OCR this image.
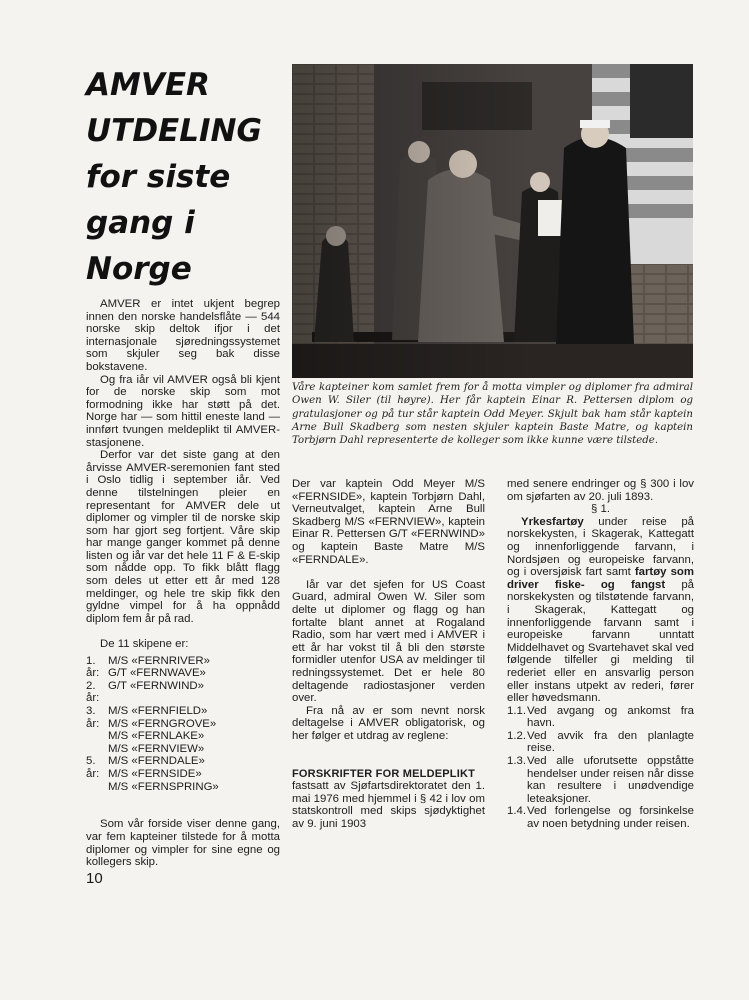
AMVER
UTDELING
for siste
gang i
Norge
Våre kapteiner kom samlet frem for å motta vimpler og diplomer fra admiral Owen W. Siler (til høyre). Her får kaptein Einar R. Pettersen diplom og gratulasjoner og på tur står kaptein Odd Meyer. Skjult bak ham står kaptein Arne Bull Skadberg som nesten skjuler kaptein Baste Matre, og kaptein Torbjørn Dahl representerte de kolleger som ikke kunne være tilstede.

AMVER er intet ukjent begrep innen den norske handelsflåte — 544 norske skip deltok ifjor i det internasjonale sjøredningssystemet som skjuler seg bak disse bokstavene.

Og fra iår vil AMVER også bli kjent for de norske skip som mot formodning ikke har støtt på det. Norge har — som hittil eneste land — innført tvungen meldeplikt til AMVER-stasjonene.

Derfor var det siste gang at den årvisse AMVER-seremonien fant sted i Oslo tidlig i september iår. Ved denne tilstelningen pleier en representant for AMVER dele ut diplomer og vimpler til de norske skip som har gjort seg fortjent. Våre skip har mange ganger kommet på denne listen og iår var det hele 11 F & E-skip som nådde opp. To fikk blått flagg som deles ut etter ett år med 128 meldinger, og hele tre skip fikk den gyldne vimpel for å ha oppnådd diplom fem år på rad.

De 11 skipene er:

1. år:
M/S «FERNRIVER»
G/T «FERNWAVE»
2. år:
G/T «FERNWIND»
3. år:
M/S «FERNFIELD»
M/S «FERNGROVE»
M/S «FERNLAKE»
M/S «FERNVIEW»
5. år:
M/S «FERNDALE»
M/S «FERNSIDE»
M/S «FERNSPRING»

Som vår forside viser denne gang, var fem kapteiner tilstede for å motta diplomer og vimpler for sine egne og kollegers skip.

Der var kaptein Odd Meyer M/S «FERNSIDE», kaptein Torbjørn Dahl, Verneutvalget, kaptein Arne Bull Skadberg M/S «FERNVIEW», kaptein Einar R. Pettersen G/T «FERNWIND» og kaptein Baste Matre M/S «FERNDALE».

Iår var det sjefen for US Coast Guard, admiral Owen W. Siler som delte ut diplomer og flagg og han fortalte blant annet at Rogaland Radio, som har vært med i AMVER i ett år har vokst til å bli den største formidler utenfor USA av meldinger til redningssystemet. Det er hele 80 deltagende radiostasjoner verden over.

Fra nå av er som nevnt norsk deltagelse i AMVER obligatorisk, og her følger et utdrag av reglene:

FORSKRIFTER FOR MELDEPLIKT

fastsatt av Sjøfartsdirektoratet den 1. mai 1976 med hjemmel i § 42 i lov om statskontroll med skips sjødyktighet av 9. juni 1903

med senere endringer og § 300 i lov om sjøfarten av 20. juli 1893.

§ 1.

Yrkesfartøy under reise på norskekysten, i Skagerak, Kattegatt og innenforliggende farvann, i Nordsjøen og europeiske farvann, og i oversjøisk fart samt fartøy som driver fiske- og fangst på norskekysten og tilstøtende farvann, i Skagerak, Kattegatt og innenforliggende farvann samt i europeiske farvann unntatt Middelhavet og Svartehavet skal ved følgende tilfeller gi melding til rederiet eller en ansvarlig person eller instans utpekt av rederi, fører eller høvedsmann.

1.1. Ved avgang og ankomst fra havn.
1.2. Ved avvik fra den planlagte reise.
1.3. Ved alle uforutsette oppståtte hendelser under reisen når disse kan resultere i unødvendige leteaksjoner.
1.4. Ved forlengelse og forsinkelse av noen betydning under reisen.
10
